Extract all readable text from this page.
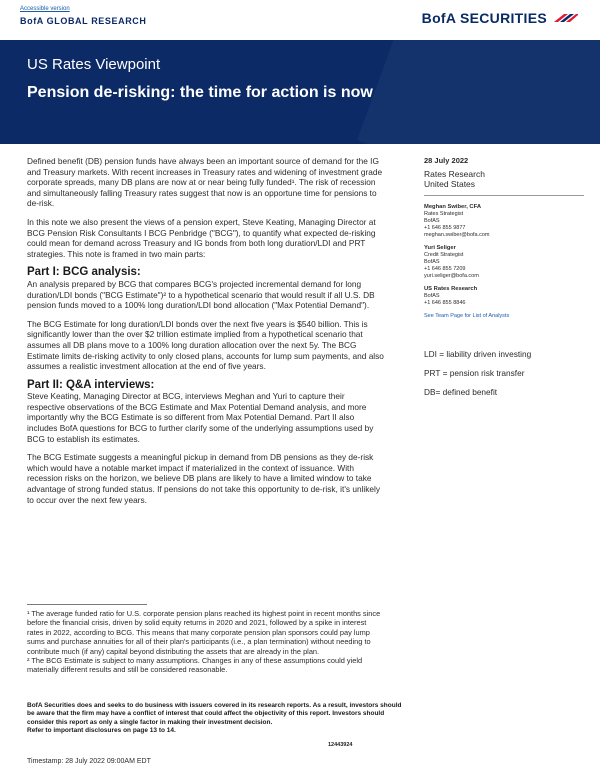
Accessible version
BofA GLOBAL RESEARCH	BofA SECURITIES
US Rates Viewpoint
Pension de-risking: the time for action is now

Defined benefit (DB) pension funds have always been an important source of demand for the IG and Treasury markets. With recent increases in Treasury rates and widening of investment grade corporate spreads, many DB plans are now at or near being fully funded¹. The risk of recession and simultaneously falling Treasury rates suggest that now is an opportune time for pensions to de-risk.

In this note we also present the views of a pension expert, Steve Keating, Managing Director at BCG Pension Risk Consultants I BCG Penbridge ("BCG"), to quantify what expected de-risking could mean for demand across Treasury and IG bonds from both long duration/LDI and PRT strategies. This note is framed in two main parts:

Part I: BCG analysis:

An analysis prepared by BCG that compares BCG's projected incremental demand for long duration/LDI bonds ("BCG Estimate")² to a hypothetical scenario that would result if all U.S. DB pension funds moved to a 100% long duration/LDI bond allocation ("Max Potential Demand").

The BCG Estimate for long duration/LDI bonds over the next five years is $540 billion. This is significantly lower than the over $2 trillion estimate implied from a hypothetical scenario that assumes all DB plans move to a 100% long duration allocation over the next 5y. The BCG Estimate limits de-risking activity to only closed plans, accounts for lump sum payments, and also assumes a realistic investment allocation at the end of five years.

Part II: Q&A interviews:

Steve Keating, Managing Director at BCG, interviews Meghan and Yuri to capture their respective observations of the BCG Estimate and Max Potential Demand analysis, and more importantly why the BCG Estimate is so different from Max Potential Demand. Part II also includes BofA questions for BCG to further clarify some of the underlying assumptions used by BCG to establish its estimates.

The BCG Estimate suggests a meaningful pickup in demand from DB pensions as they de-risk which would have a notable market impact if materialized in the context of issuance. With recession risks on the horizon, we believe DB plans are likely to have a limited window to take advantage of strong funded status. If pensions do not take this opportunity to de-risk, it's unlikely to occur over the next few years.

28 July 2022
Rates Research
United States
Meghan Swiber, CFA
Rates Strategist
BofAS
+1 646 855 9877
meghan.swiber@bofa.com
Yuri Seliger
Credit Strategist
BofAS
+1 646 855 7209
yuri.seliger@bofa.com
US Rates Research
BofAS
+1 646 855 8846
See Team Page for List of Analysts
LDI = liability driven investing
PRT = pension risk transfer
DB= defined benefit

¹ The average funded ratio for U.S. corporate pension plans reached its highest point in recent months since before the financial crisis, driven by solid equity returns in 2020 and 2021, followed by a spike in interest rates in 2022, according to BCG. This means that many corporate pension plan sponsors could pay lump sums and purchase annuities for all of their plan's participants (i.e., a plan termination) without needing to contribute much (if any) capital beyond distributing the assets that are already in the plan.

² The BCG Estimate is subject to many assumptions. Changes in any of these assumptions could yield materially different results and still be considered reasonable.

BofA Securities does and seeks to do business with issuers covered in its research reports. As a result, investors should be aware that the firm may have a conflict of interest that could affect the objectivity of this report. Investors should consider this report as only a single factor in making their investment decision.
Refer to important disclosures on page 13 to 14.
12443924
Timestamp: 28 July 2022 09:00AM EDT
